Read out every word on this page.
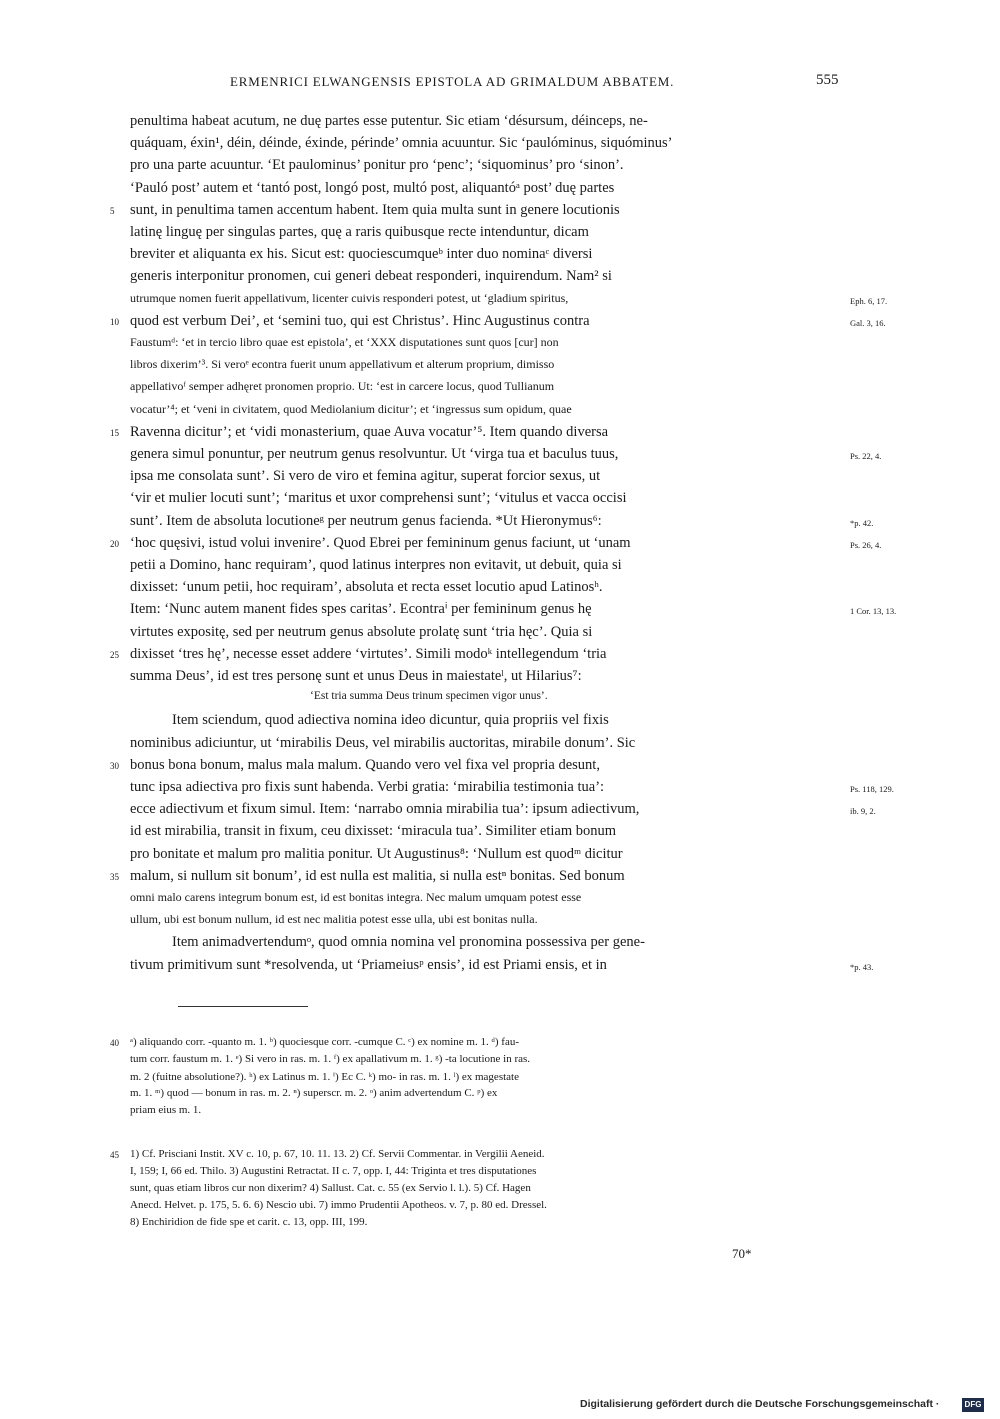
ERMENRICI ELWANGENSIS EPISTOLA AD GRIMALDUM ABBATEM.	555
penultima habeat acutum, ne duę partes esse putentur. Sic etiam ‘désursum, déinceps, ne-
quáquam, éxin¹, déin, déinde, éxinde, périnde’ omnia acuuntur. Sic ‘paulóminus, siquóminus’
pro una parte acuuntur. ‘Et paulominus’ ponitur pro ‘penc’; ‘siquominus’ pro ‘sinon’.
‘Pauló post’ autem et ‘tantó post, longó post, multó post, aliquantóᵃ post’ duę partes
sunt, in penultima tamen accentum habent. Item quia multa sunt in genere locutionis
5
latinę linguę per singulas partes, quę a raris quibusque recte intenduntur, dicam
breviter et aliquanta ex his. Sicut est: quociescumqueᵇ inter duo nominaᶜ diversi
generis interponitur pronomen, cui generi debeat responderi, inquirendum. Nam² si
utrumque nomen fuerit appellativum, licenter cuivis responderi potest, ut ‘gladium spiritus,	Eph. 6, 17.
quod est verbum Dei’, et ‘semini tuo, qui est Christus’. Hinc Augustinus contra
10	Gal. 3, 16.
Faustumᵈ: ‘et in tercio libro quae est epistola’, et ‘XXX disputationes sunt quos [cur] non
libros dixerim’³. Si veroᵉ econtra fuerit unum appellativum et alterum proprium, dimisso
appellativoᶠ semper adhęret pronomen proprio. Ut: ‘est in carcere locus, quod Tullianum
vocatur’⁴; et ‘veni in civitatem, quod Mediolanium dicitur’; et ‘ingressus sum opidum, quae
Ravenna dicitur’; et ‘vidi monasterium, quae Auva vocatur’⁵. Item quando diversa
15
genera simul ponuntur, per neutrum genus resolvuntur. Ut ‘virga tua et baculus tuus,	Ps. 22, 4.
ipsa me consolata sunt’. Si vero de viro et femina agitur, superat forcior sexus, ut
‘vir et mulier locuti sunt’; ‘maritus et uxor comprehensi sunt’; ‘vitulus et vacca occisi
sunt’. Item de absoluta locutioneᵍ per neutrum genus facienda. *Ut Hieronymus⁶:	*p. 42.
‘hoc quęsivi, istud volui invenire’. Quod Ebrei per femininum genus faciunt, ut ‘unam
20	Ps. 26, 4.
petii a Domino, hanc requiram’, quod latinus interpres non evitavit, ut debuit, quia si
dixisset: ‘unum petii, hoc requiram’, absoluta et recta esset locutio apud Latinosʰ.
Item: ‘Nunc autem manent fides spes caritas’. Econtraⁱ per femininum genus hę	1 Cor. 13, 13.
virtutes expositę, sed per neutrum genus absolute prolatę sunt ‘tria hęc’. Quia si
dixisset ‘tres hę’, necesse esset addere ‘virtutes’. Simili modoᵏ intellegendum ‘tria
25
summa Deus’, id est tres personę sunt et unus Deus in maiestateˡ, ut Hilarius⁷:
‘Est tria summa Deus trinum specimen vigor unus’.
Item sciendum, quod adiectiva nomina ideo dicuntur, quia propriis vel fixis
nominibus adiciuntur, ut ‘mirabilis Deus, vel mirabilis auctoritas, mirabile donum’. Sic
bonus bona bonum, malus mala malum. Quando vero vel fixa vel propria desunt,
30
tunc ipsa adiectiva pro fixis sunt habenda. Verbi gratia: ‘mirabilia testimonia tua’:	Ps. 118, 129.
ecce adiectivum et fixum simul. Item: ‘narrabo omnia mirabilia tua’: ipsum adiectivum,	ib. 9, 2.
id est mirabilia, transit in fixum, ceu dixisset: ‘miracula tua’. Similiter etiam bonum
pro bonitate et malum pro malitia ponitur. Ut Augustinus⁸: ‘Nullum est quodᵐ dicitur
malum, si nullum sit bonum’, id est nulla est malitia, si nulla estⁿ bonitas. Sed bonum
35
omni malo carens integrum bonum est, id est bonitas integra. Nec malum umquam potest esse
ullum, ubi est bonum nullum, id est nec malitia potest esse ulla, ubi est bonitas nulla.
Item animadvertendumᵒ, quod omnia nomina vel pronomina possessiva per gene-
tivum primitivum sunt *resolvenda, ut ‘Priameiusᵖ ensis’, id est Priami ensis, et in	*p. 43.
ᵃ) aliquando corr. -quanto m. 1. ᵇ) quociesque corr. -cumque C. ᶜ) ex nomine m. 1. ᵈ) fau-
40
tum corr. faustum m. 1. ᵉ) Si vero in ras. m. 1. ᶠ) ex apallativum m. 1. ᵍ) -ta locutione in ras.
m. 2 (fuitne absolutione?). ʰ) ex Latinus m. 1. ⁱ) Ec C. ᵏ) mo- in ras. m. 1. ˡ) ex magestate
m. 1. ᵐ) quod — bonum in ras. m. 2. ⁿ) superscr. m. 2. ᵒ) anim advertendum C. ᵖ) ex
priam eius m. 1.
1) Cf. Prisciani Instit. XV c. 10, p. 67, 10. 11. 13. 2) Cf. Servii Commentar. in Vergilii Aeneid.
45
I, 159; I, 66 ed. Thilo. 3) Augustini Retractat. II c. 7, opp. I, 44: Triginta et tres disputationes
sunt, quas etiam libros cur non dixerim? 4) Sallust. Cat. c. 55 (ex Servio l. l.). 5) Cf. Hagen
Anecd. Helvet. p. 175, 5. 6. 6) Nescio ubi. 7) immo Prudentii Apotheos. v. 7, p. 80 ed. Dressel.
8) Enchiridion de fide spe et carit. c. 13, opp. III, 199.
70*
Digitalisierung gefördert durch die Deutsche Forschungsgemeinschaft ·	DFG
